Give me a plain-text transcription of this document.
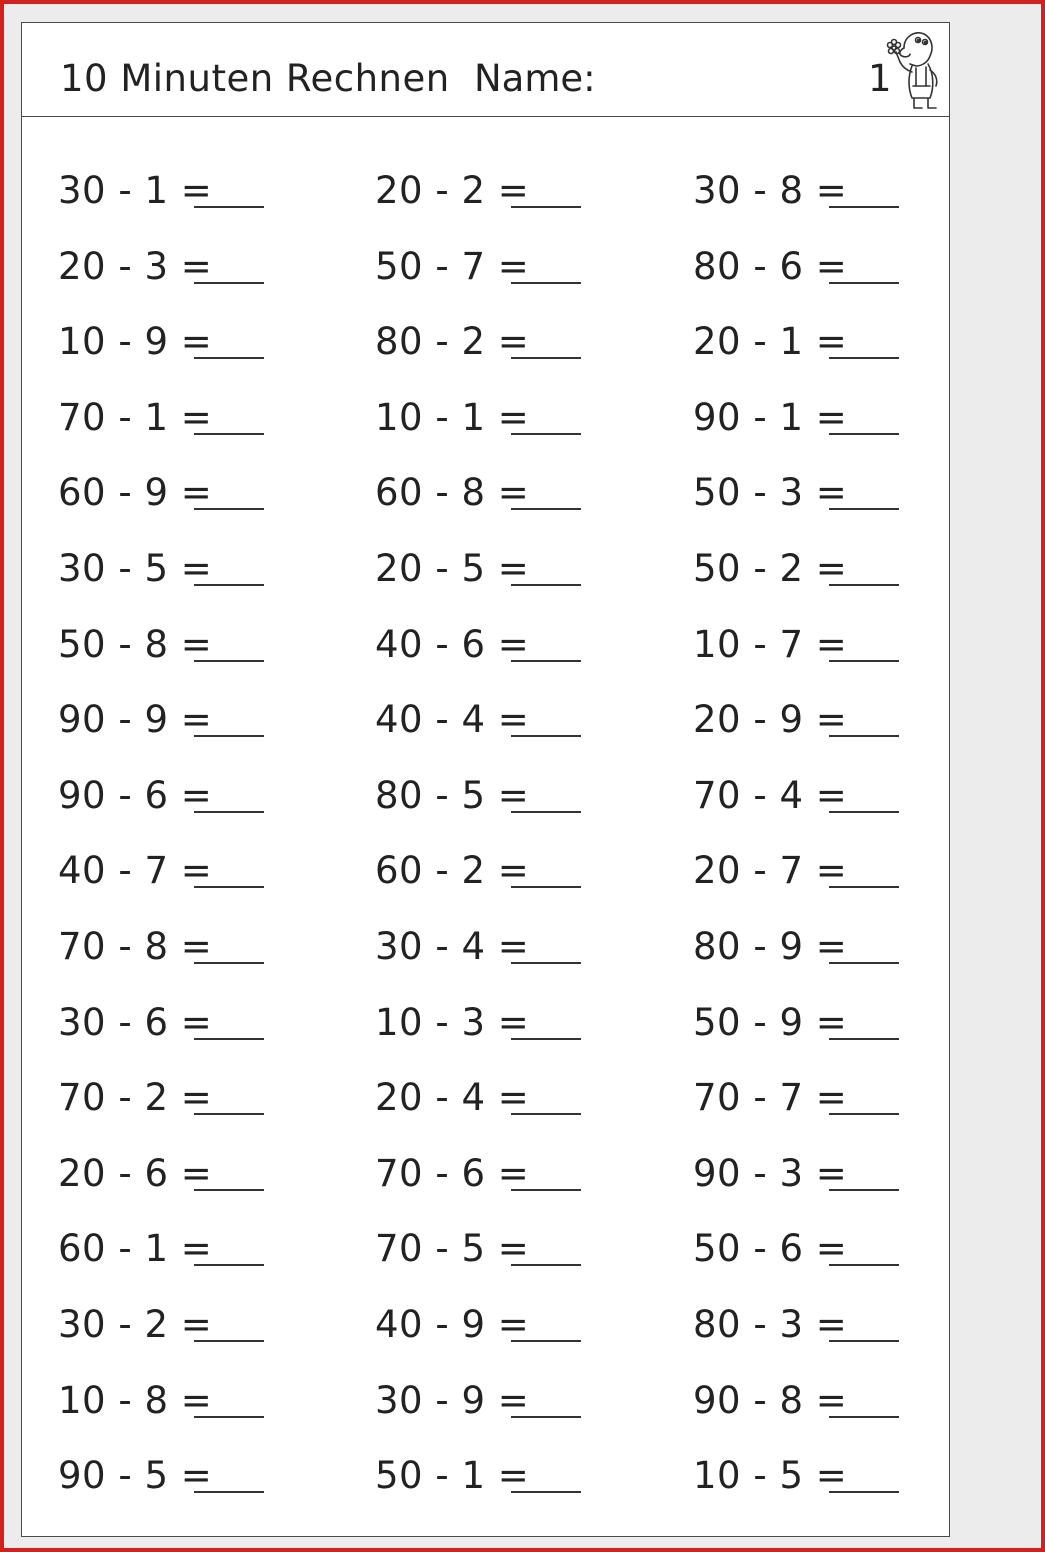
10 Minuten Rechnen Name:	1
30 - 1 =
20 - 3 =
10 - 9 =
70 - 1 =
60 - 9 =
30 - 5 =
50 - 8 =
90 - 9 =
90 - 6 =
40 - 7 =
70 - 8 =
30 - 6 =
70 - 2 =
20 - 6 =
60 - 1 =
30 - 2 =
10 - 8 =
90 - 5 =
20 - 2 =
50 - 7 =
80 - 2 =
10 - 1 =
60 - 8 =
20 - 5 =
40 - 6 =
40 - 4 =
80 - 5 =
60 - 2 =
30 - 4 =
10 - 3 =
20 - 4 =
70 - 6 =
70 - 5 =
40 - 9 =
30 - 9 =
50 - 1 =
30 - 8 =
80 - 6 =
20 - 1 =
90 - 1 =
50 - 3 =
50 - 2 =
10 - 7 =
20 - 9 =
70 - 4 =
20 - 7 =
80 - 9 =
50 - 9 =
70 - 7 =
90 - 3 =
50 - 6 =
80 - 3 =
90 - 8 =
10 - 5 =
